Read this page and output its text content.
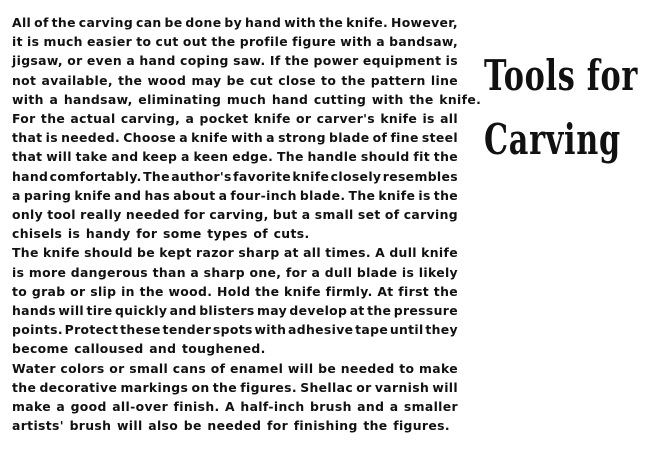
All of the carving can be done by hand with the knife. However,
it is much easier to cut out the profile figure with a bandsaw,
jigsaw, or even a hand coping saw. If the power equipment is
not available, the wood may be cut close to the pattern line
with a handsaw, eliminating much hand cutting with the knife.

For the actual carving, a pocket knife or carver's knife is all
that is needed. Choose a knife with a strong blade of fine steel
that will take and keep a keen edge. The handle should fit the
hand comfortably. The author's favorite knife closely resembles
a paring knife and has about a four-inch blade. The knife is the
only tool really needed for carving, but a small set of carving
chisels is handy for some types of cuts.

The knife should be kept razor sharp at all times. A dull knife
is more dangerous than a sharp one, for a dull blade is likely
to grab or slip in the wood. Hold the knife firmly. At first the
hands will tire quickly and blisters may develop at the pressure
points. Protect these tender spots with adhesive tape until they
become calloused and toughened.

Water colors or small cans of enamel will be needed to make
the decorative markings on the figures. Shellac or varnish will
make a good all-over finish. A half-inch brush and a smaller
artists' brush will also be needed for finishing the figures.

Tools for
Carving
